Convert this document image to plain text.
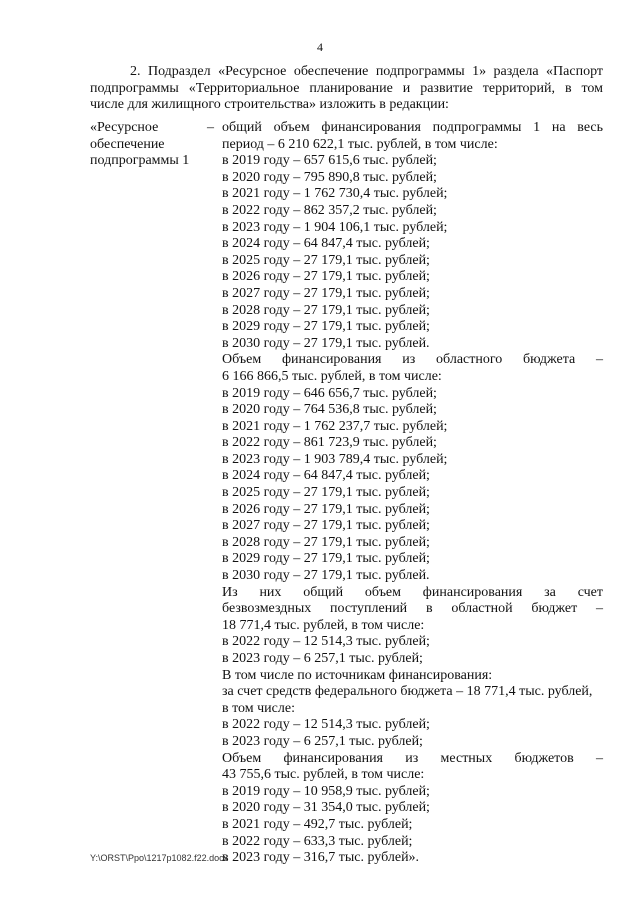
4
2. Подраздел «Ресурсное обеспечение подпрограммы 1» раздела «Паспорт
подпрограммы «Территориальное планирование и развитие территорий, в том
числе для жилищного строительства» изложить в редакции:
«Ресурсное
обеспечение
подпрограммы 1
– общий объем финансирования подпрограммы 1 на весь
период – 6 210 622,1 тыс. рублей, в том числе:
в 2019 году – 657 615,6 тыс. рублей;
в 2020 году – 795 890,8 тыс. рублей;
в 2021 году – 1 762 730,4 тыс. рублей;
в 2022 году – 862 357,2 тыс. рублей;
в 2023 году – 1 904 106,1 тыс. рублей;
в 2024 году – 64 847,4 тыс. рублей;
в 2025 году – 27 179,1 тыс. рублей;
в 2026 году – 27 179,1 тыс. рублей;
в 2027 году – 27 179,1 тыс. рублей;
в 2028 году – 27 179,1 тыс. рублей;
в 2029 году – 27 179,1 тыс. рублей;
в 2030 году – 27 179,1 тыс. рублей.
Объем финансирования из областного бюджета –
6 166 866,5 тыс. рублей, в том числе:
в 2019 году – 646 656,7 тыс. рублей;
в 2020 году – 764 536,8 тыс. рублей;
в 2021 году – 1 762 237,7 тыс. рублей;
в 2022 году – 861 723,9 тыс. рублей;
в 2023 году – 1 903 789,4 тыс. рублей;
в 2024 году – 64 847,4 тыс. рублей;
в 2025 году – 27 179,1 тыс. рублей;
в 2026 году – 27 179,1 тыс. рублей;
в 2027 году – 27 179,1 тыс. рублей;
в 2028 году – 27 179,1 тыс. рублей;
в 2029 году – 27 179,1 тыс. рублей;
в 2030 году – 27 179,1 тыс. рублей.
Из них общий объем финансирования за счет
безвозмездных поступлений в областной бюджет –
18 771,4 тыс. рублей, в том числе:
в 2022 году – 12 514,3 тыс. рублей;
в 2023 году – 6 257,1 тыс. рублей;
В том числе по источникам финансирования:
за счет средств федерального бюджета – 18 771,4 тыс. рублей,
в том числе:
в 2022 году – 12 514,3 тыс. рублей;
в 2023 году – 6 257,1 тыс. рублей;
Объем финансирования из местных бюджетов –
43 755,6 тыс. рублей, в том числе:
в 2019 году – 10 958,9 тыс. рублей;
в 2020 году – 31 354,0 тыс. рублей;
в 2021 году – 492,7 тыс. рублей;
в 2022 году – 633,3 тыс. рублей;
в 2023 году – 316,7 тыс. рублей».
Y:\ORST\Ppo\1217p1082.f22.docx
